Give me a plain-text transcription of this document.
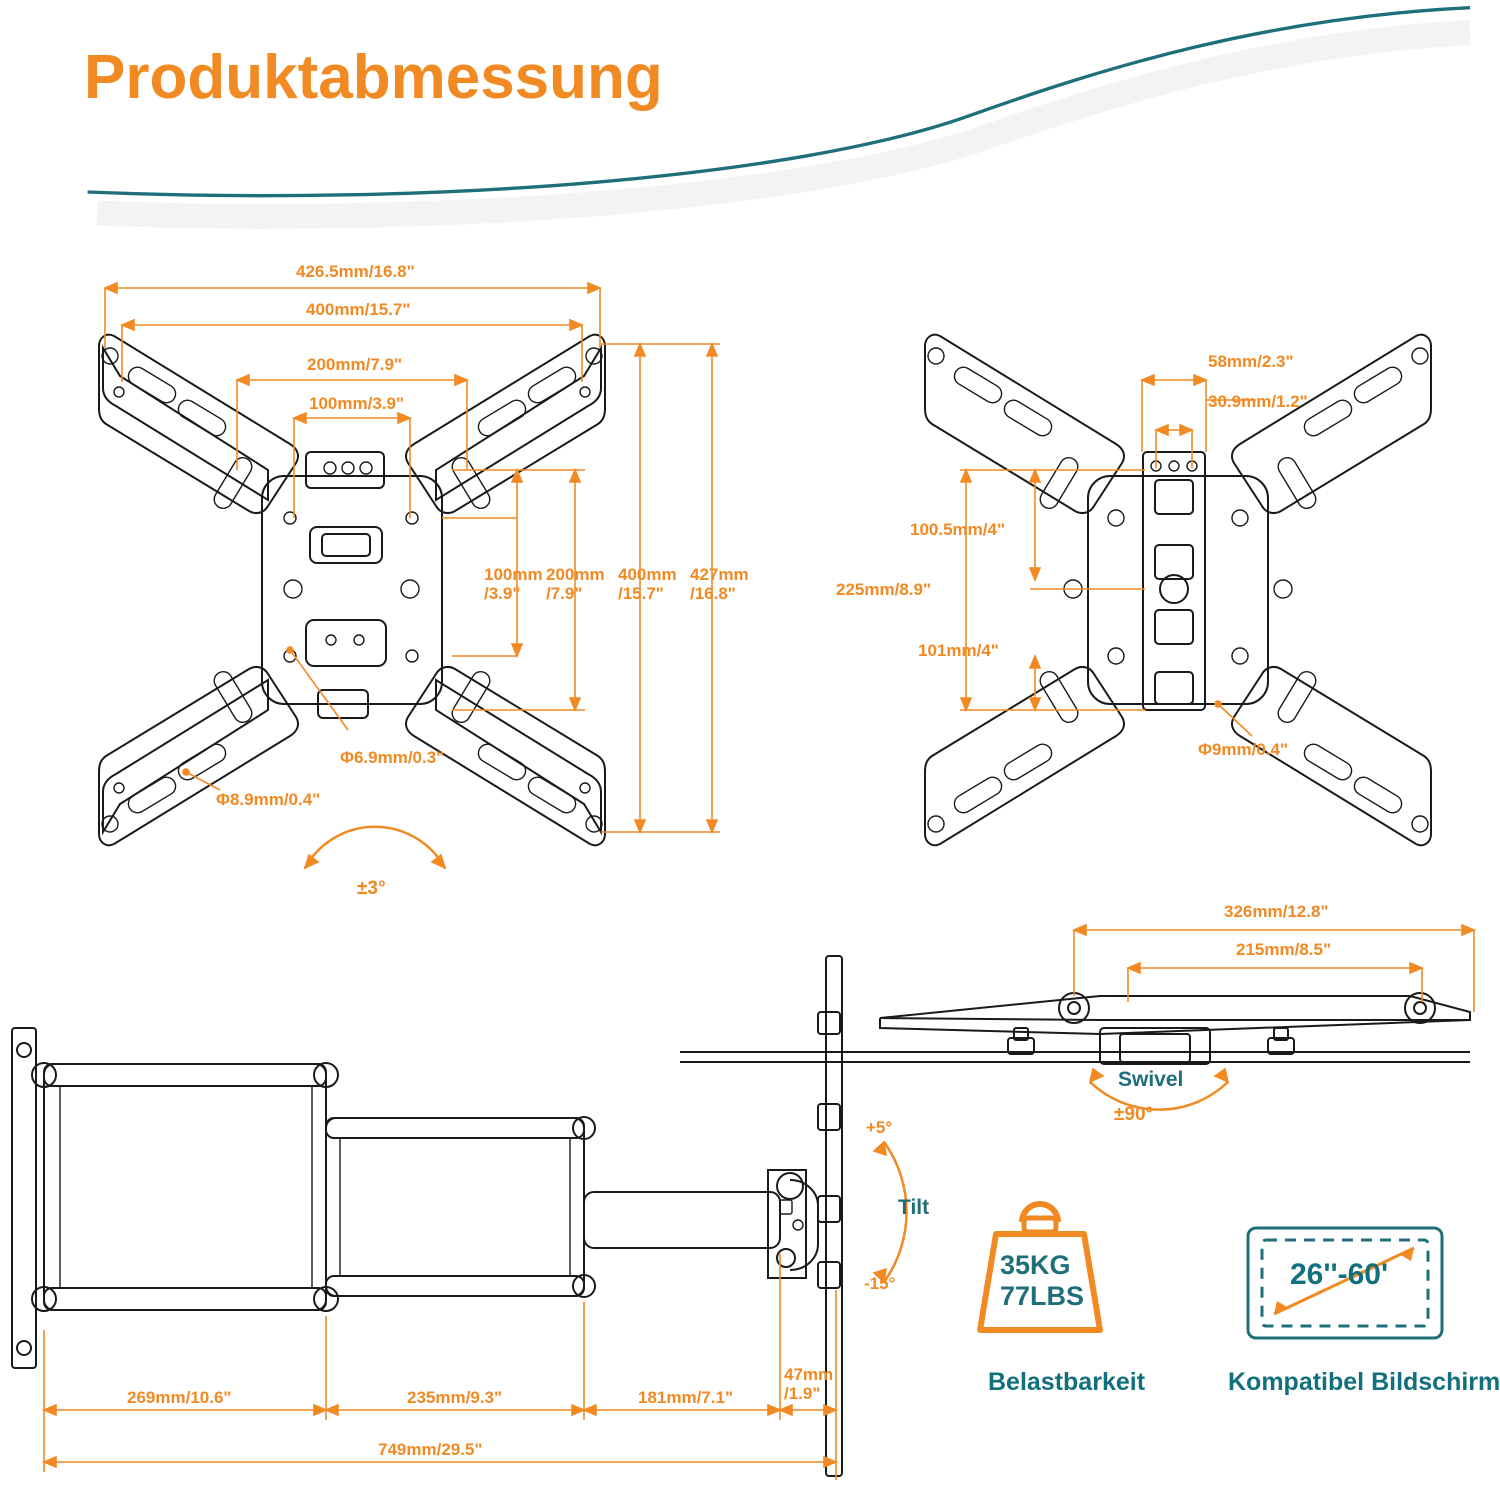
Produktabmessung
426.5mm/16.8"
400mm/15.7"
200mm/7.9"
100mm/3.9"
100mm
/3.9"
200mm
/7.9"
400mm
/15.7"
427mm
/16.8"
Φ6.9mm/0.3"
Φ8.9mm/0.4"
±3°
58mm/2.3"
30.9mm/1.2"
100.5mm/4"
225mm/8.9"
101mm/4"
Φ9mm/0.4"
+5°
Tilt
-15°
269mm/10.6"	235mm/9.3"	181mm/7.1"
47mm
/1.9"
749mm/29.5"
326mm/12.8"
215mm/8.5"
Swivel
±90°
35KG
77LBS
26''-60'
Belastbarkeit	Kompatibel Bildschirm
